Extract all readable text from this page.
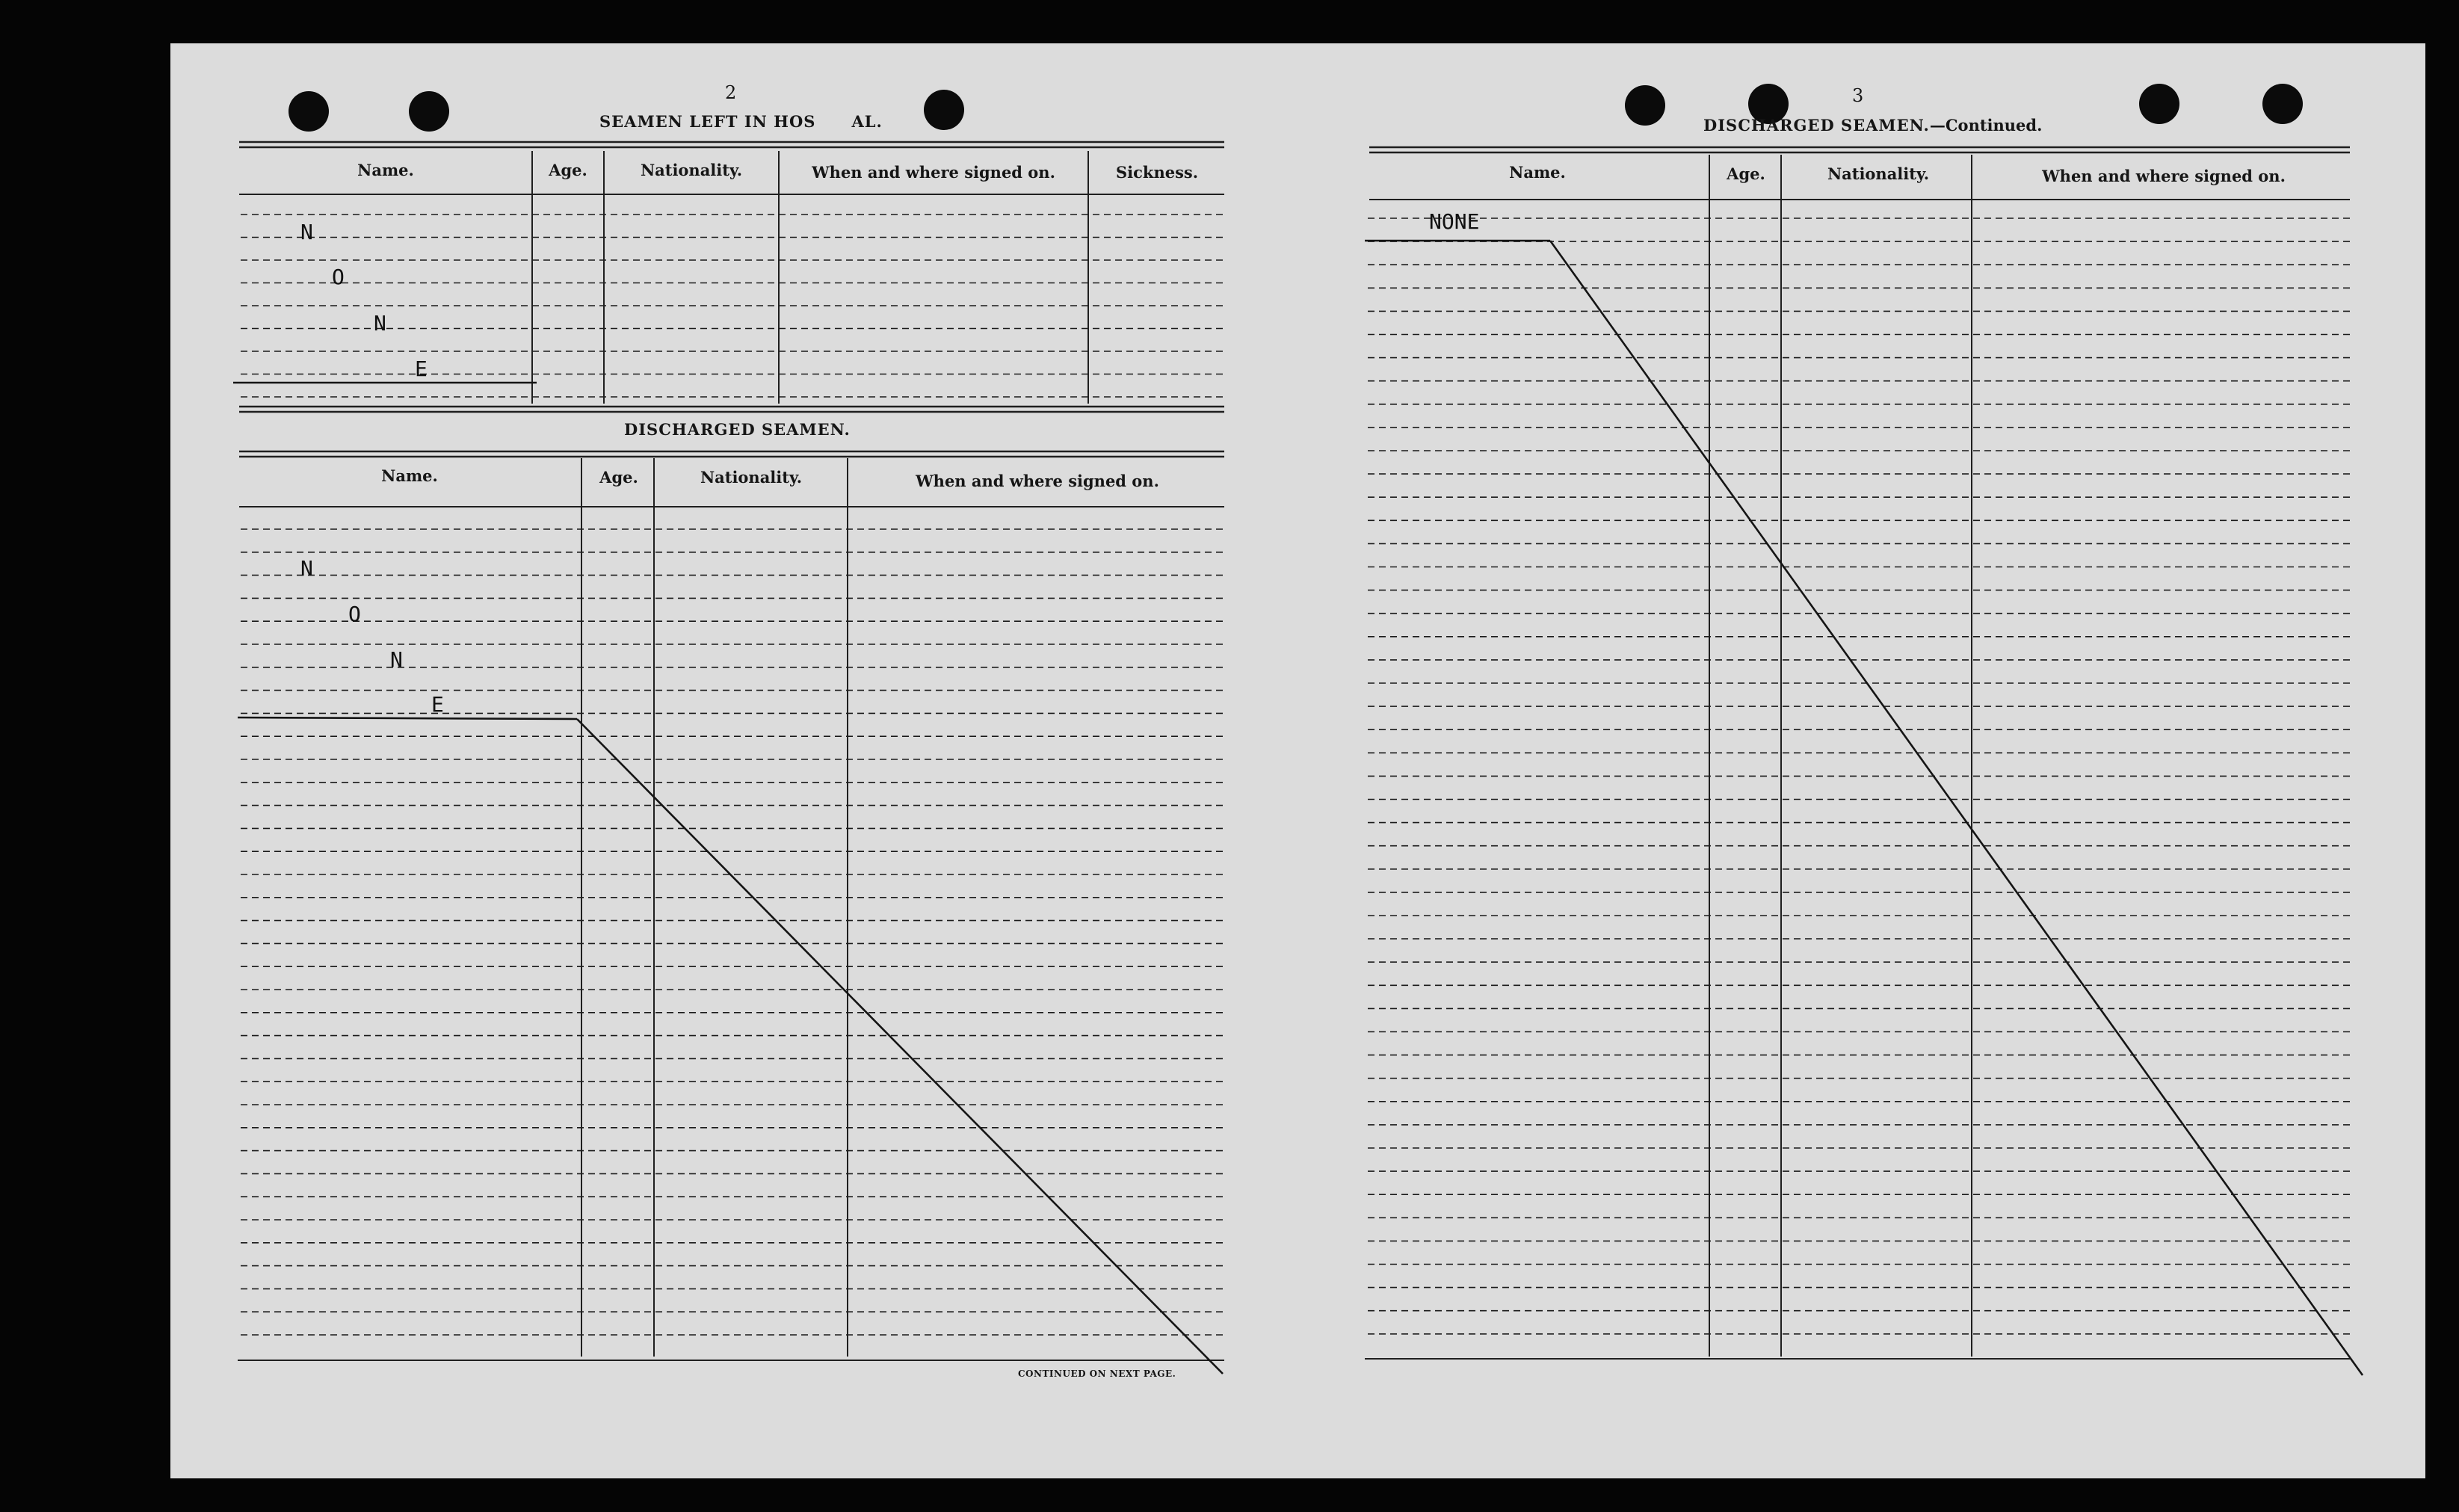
2
SEAMEN LEFT IN HOS AL.
Name.	Age.	Nationality.	When and where signed on.	Sickness.
N
O
N
E
DISCHARGED SEAMEN.
Name.	Age.	Nationality.	When and where signed on.
N
O
N
E
CONTINUED ON NEXT PAGE.
3
DISCHARGED SEAMEN.—Continued.
Name.	Age.	Nationality.	When and where signed on.
NONE
